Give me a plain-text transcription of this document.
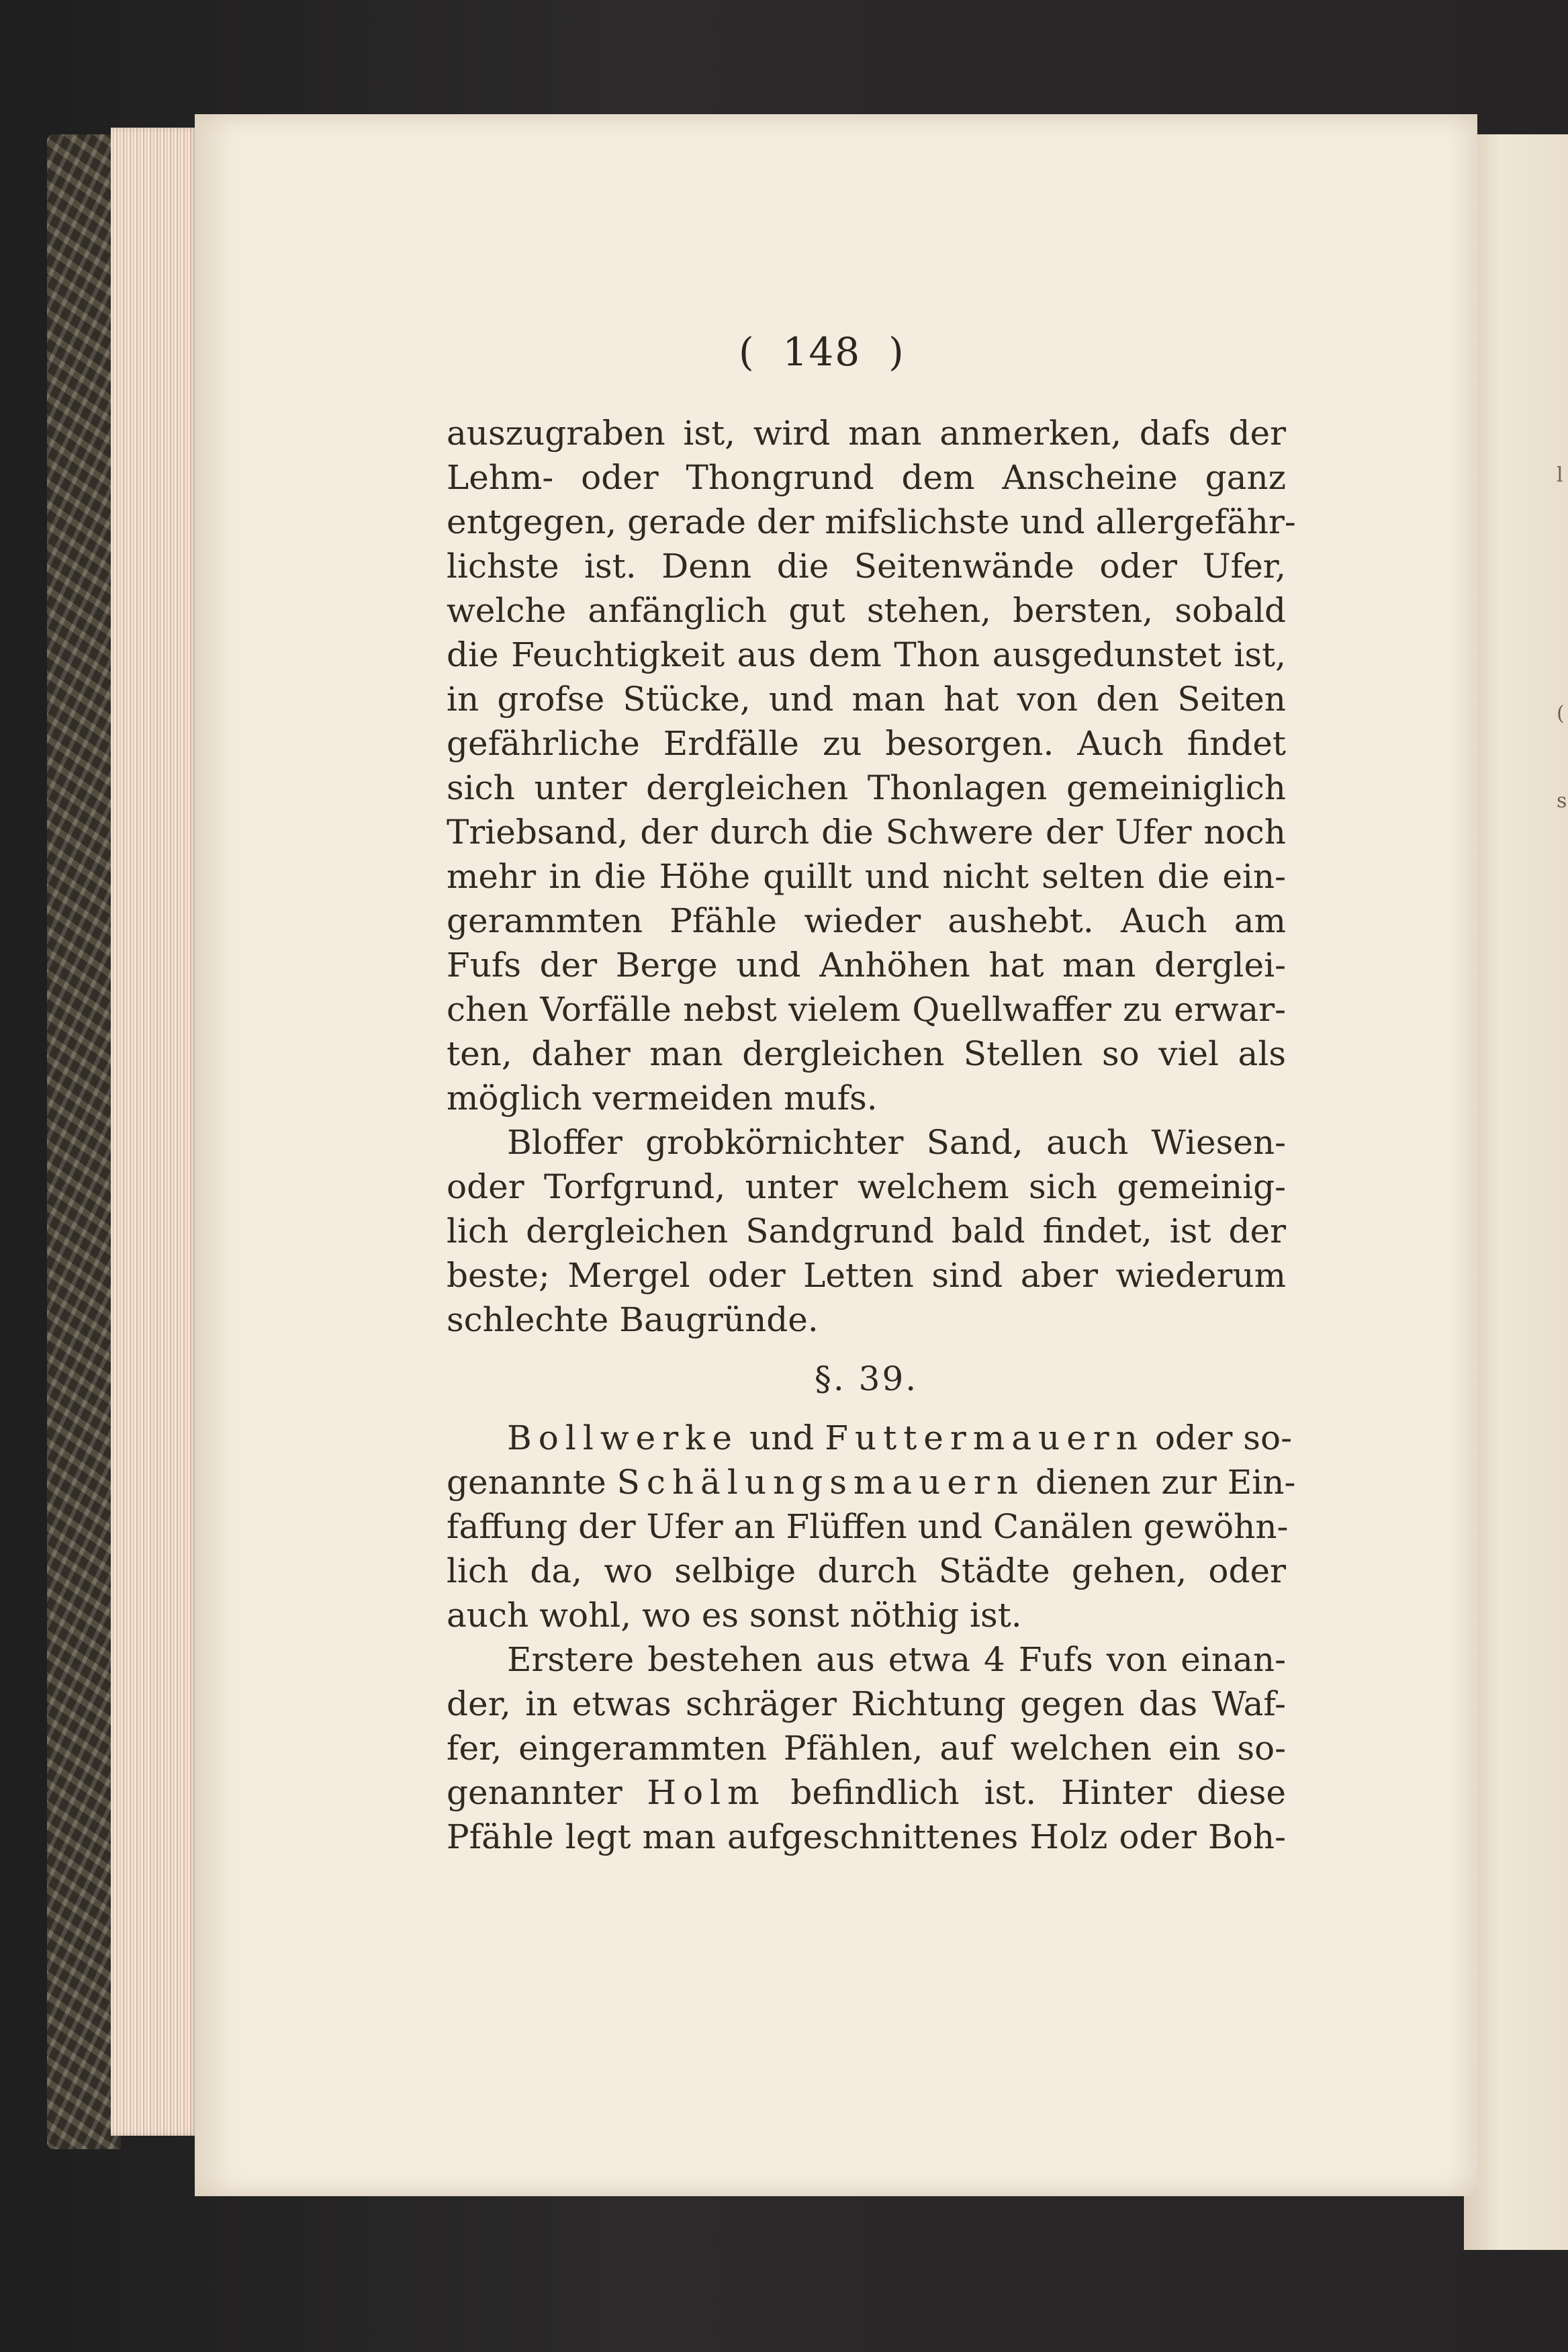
l
(
s
(  148  )
auszugraben ist, wird man anmerken, dafs der
Lehm- oder Thongrund dem Anscheine ganz
entgegen, gerade der mifslichste und allergefähr-
lichste ist. Denn die Seitenwände oder Ufer,
welche anfänglich gut stehen, bersten, sobald
die Feuchtigkeit aus dem Thon ausgedunstet ist,
in grofse Stücke, und man hat von den Seiten
gefährliche Erdfälle zu besorgen. Auch findet
sich unter dergleichen Thonlagen gemeiniglich
Triebsand, der durch die Schwere der Ufer noch
mehr in die Höhe quillt und nicht selten die ein-
gerammten Pfähle wieder aushebt. Auch am
Fufs der Berge und Anhöhen hat man derglei-
chen Vorfälle nebst vielem Quellwaffer zu erwar-
ten, daher man dergleichen Stellen so viel als
möglich vermeiden mufs.
Bloffer grobkörnichter Sand, auch Wiesen-
oder Torfgrund, unter welchem sich gemeinig-
lich dergleichen Sandgrund bald findet, ist der
beste; Mergel oder Letten sind aber wiederum
schlechte Baugründe.
§. 39.
Bollwerke und Futtermauern oder so-
genannte Schälungsmauern dienen zur Ein-
faffung der Ufer an Flüffen und Canälen gewöhn-
lich da, wo selbige durch Städte gehen, oder
auch wohl, wo es sonst nöthig ist.
Erstere bestehen aus etwa 4 Fufs von einan-
der, in etwas schräger Richtung gegen das Waf-
fer, eingerammten Pfählen, auf welchen ein so-
genannter Holm befindlich ist. Hinter diese
Pfähle legt man aufgeschnittenes Holz oder Boh-
